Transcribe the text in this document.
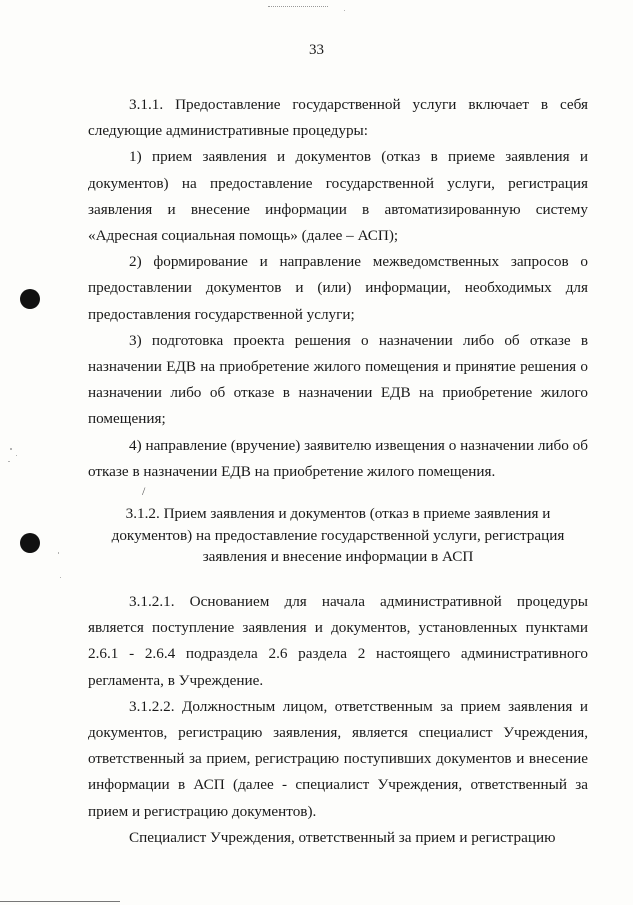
33

3.1.1. Предоставление государственной услуги включает в себя следующие административные процедуры:

1) прием заявления и документов (отказ в приеме заявления и документов) на предоставление государственной услуги, регистрация заявления и внесение информации в автоматизированную систему «Адресная социальная помощь» (далее – АСП);

2) формирование и направление межведомственных запросов о предоставлении документов и (или) информации, необходимых для предоставления государственной услуги;

3) подготовка проекта решения о назначении либо об отказе в назначении ЕДВ на приобретение жилого помещения и принятие решения о назначении либо об отказе в назначении ЕДВ на приобретение жилого помещения;

4) направление (вручение) заявителю извещения о назначении либо об отказе в назначении ЕДВ на приобретение жилого помещения.

/
3.1.2. Прием заявления и документов (отказ в приеме заявления и
документов) на предоставление государственной услуги, регистрация
заявления и внесение информации в АСП

3.1.2.1. Основанием для начала административной процедуры является поступление заявления и документов, установленных пунктами 2.6.1 - 2.6.4 подраздела 2.6 раздела 2 настоящего административного регламента, в Учреждение.

3.1.2.2. Должностным лицом, ответственным за прием заявления и документов, регистрацию заявления, является специалист Учреждения, ответственный за прием, регистрацию поступивших документов и внесение информации в АСП (далее - специалист Учреждения, ответственный за прием и регистрацию документов).

Специалист Учреждения, ответственный за прием и регистрацию
